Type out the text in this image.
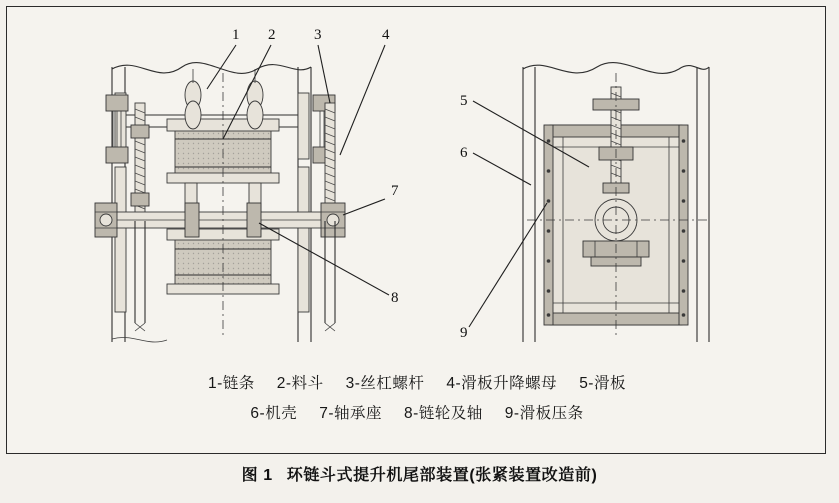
1 2	3	4
7
8
5
6
9
1-链条 2-料斗 3-丝杠螺杆 4-滑板升降螺母 5-滑板
6-机壳 7-轴承座 8-链轮及轴 9-滑板压条
图 1 环链斗式提升机尾部装置(张紧装置改造前)
